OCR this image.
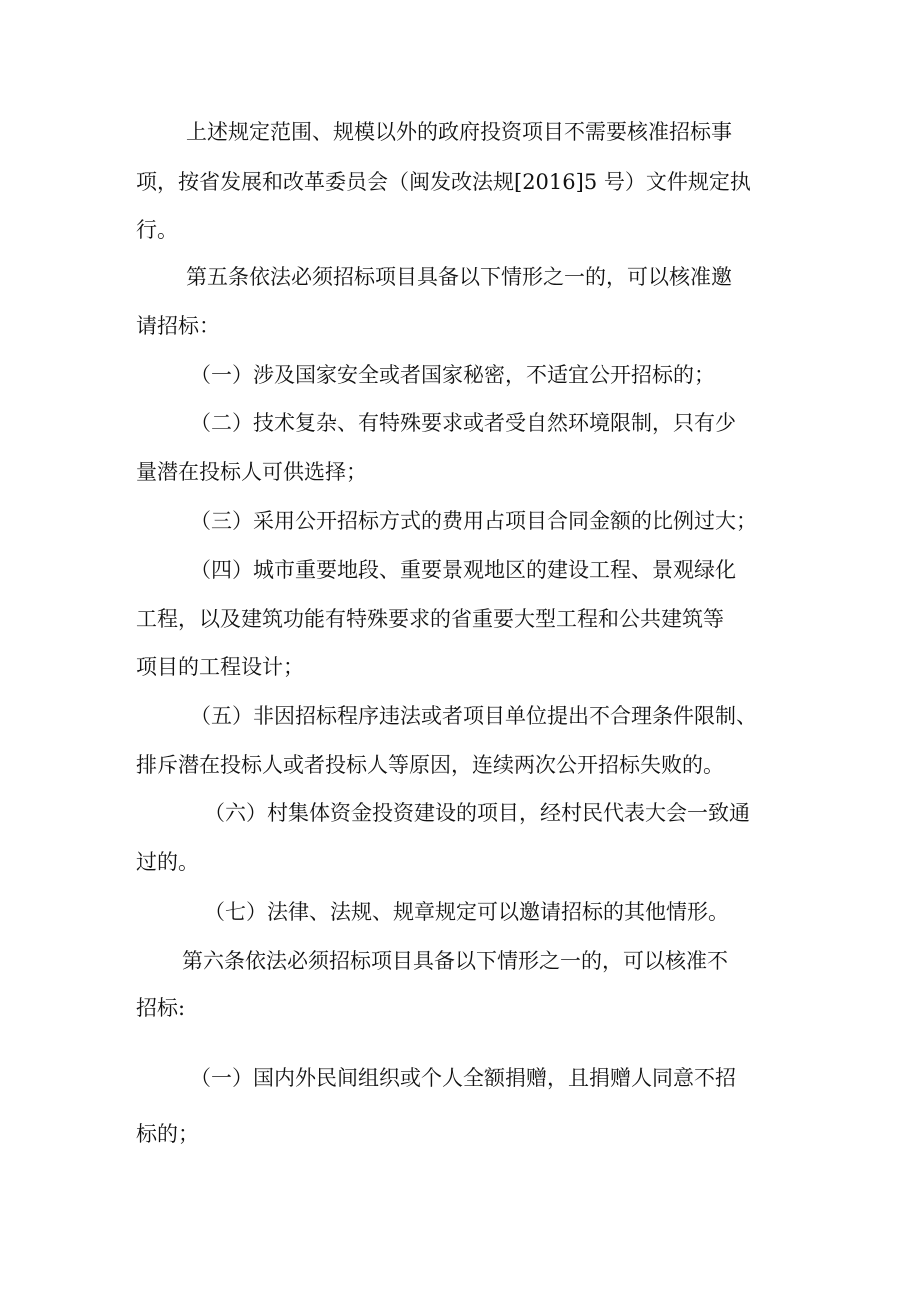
上述规定范围、规模以外的政府投资项目不需要核准招标事
项，按省发展和改革委员会（闽发改法规[2016]5 号）文件规定执
行。
第五条依法必须招标项目具备以下情形之一的，可以核准邀
请招标：
（一）涉及国家安全或者国家秘密，不适宜公开招标的；
（二）技术复杂、有特殊要求或者受自然环境限制，只有少
量潜在投标人可供选择；
（三）采用公开招标方式的费用占项目合同金额的比例过大；
（四）城市重要地段、重要景观地区的建设工程、景观绿化
工程，以及建筑功能有特殊要求的省重要大型工程和公共建筑等
项目的工程设计；
（五）非因招标程序违法或者项目单位提出不合理条件限制、
排斥潜在投标人或者投标人等原因，连续两次公开招标失败的。
（六）村集体资金投资建设的项目，经村民代表大会一致通
过的。
（七）法律、法规、规章规定可以邀请招标的其他情形。
第六条依法必须招标项目具备以下情形之一的，可以核准不
招标:
（一）国内外民间组织或个人全额捐赠，且捐赠人同意不招
标的；
